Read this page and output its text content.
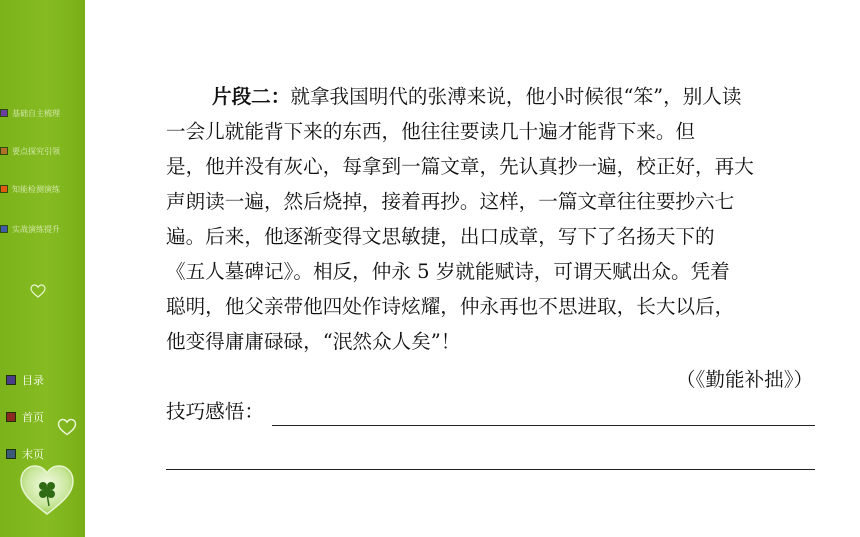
基础自主梳理
要点探究引领
知能检测演练
实战演练提升
目录
首页
末页
片段二：就拿我国明代的张溥来说，他小时候很“笨”，别人读
一会儿就能背下来的东西，他往往要读几十遍才能背下来。但
是，他并没有灰心，每拿到一篇文章，先认真抄一遍，校正好，再大
声朗读一遍，然后烧掉，接着再抄。这样，一篇文章往往要抄六七
遍。后来，他逐渐变得文思敏捷，出口成章，写下了名扬天下的
《五人墓碑记》。相反，仲永 5 岁就能赋诗，可谓天赋出众。凭着
聪明，他父亲带他四处作诗炫耀，仲永再也不思进取，长大以后，
他变得庸庸碌碌，“泯然众人矣”！
（《勤能补拙》）
技巧感悟：
